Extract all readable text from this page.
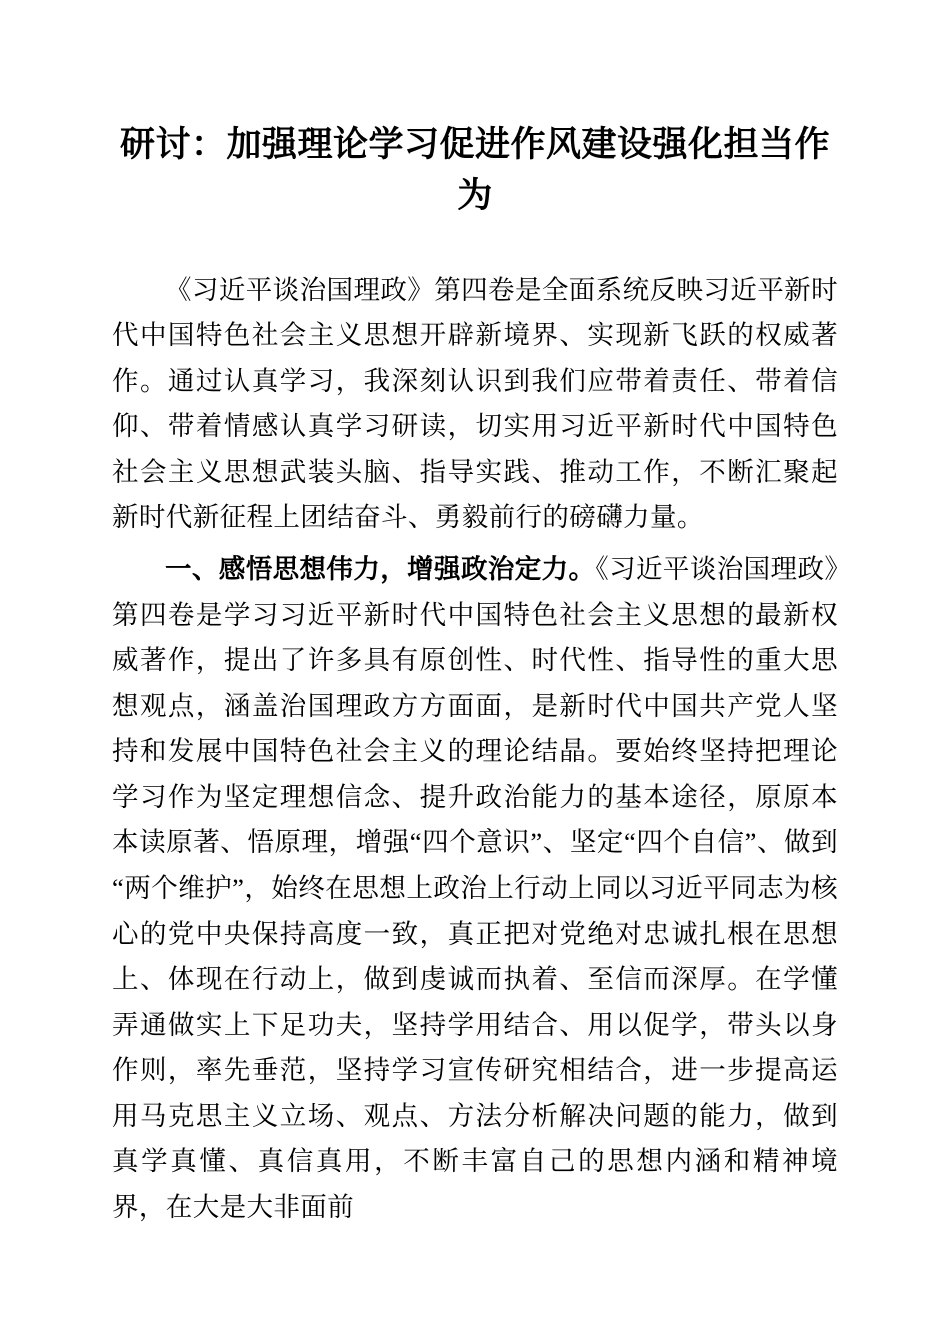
研讨：加强理论学习促进作风建设强化担当作为

《习近平谈治国理政》第四卷是全面系统反映习近平新时代中国特色社会主义思想开辟新境界、实现新飞跃的权威著作。通过认真学习，我深刻认识到我们应带着责任、带着信仰、带着情感认真学习研读，切实用习近平新时代中国特色社会主义思想武装头脑、指导实践、推动工作，不断汇聚起新时代新征程上团结奋斗、勇毅前行的磅礴力量。

一、感悟思想伟力，增强政治定力。《习近平谈治国理政》第四卷是学习习近平新时代中国特色社会主义思想的最新权威著作，提出了许多具有原创性、时代性、指导性的重大思想观点，涵盖治国理政方方面面，是新时代中国共产党人坚持和发展中国特色社会主义的理论结晶。要始终坚持把理论学习作为坚定理想信念、提升政治能力的基本途径，原原本本读原著、悟原理，增强“四个意识”、坚定“四个自信”、做到“两个维护”，始终在思想上政治上行动上同以习近平同志为核心的党中央保持高度一致，真正把对党绝对忠诚扎根在思想上、体现在行动上，做到虔诚而执着、至信而深厚。在学懂弄通做实上下足功夫，坚持学用结合、用以促学，带头以身作则，率先垂范，坚持学习宣传研究相结合，进一步提高运用马克思主义立场、观点、方法分析解决问题的能力，做到真学真懂、真信真用，不断丰富自己的思想内涵和精神境界，在大是大非面前
